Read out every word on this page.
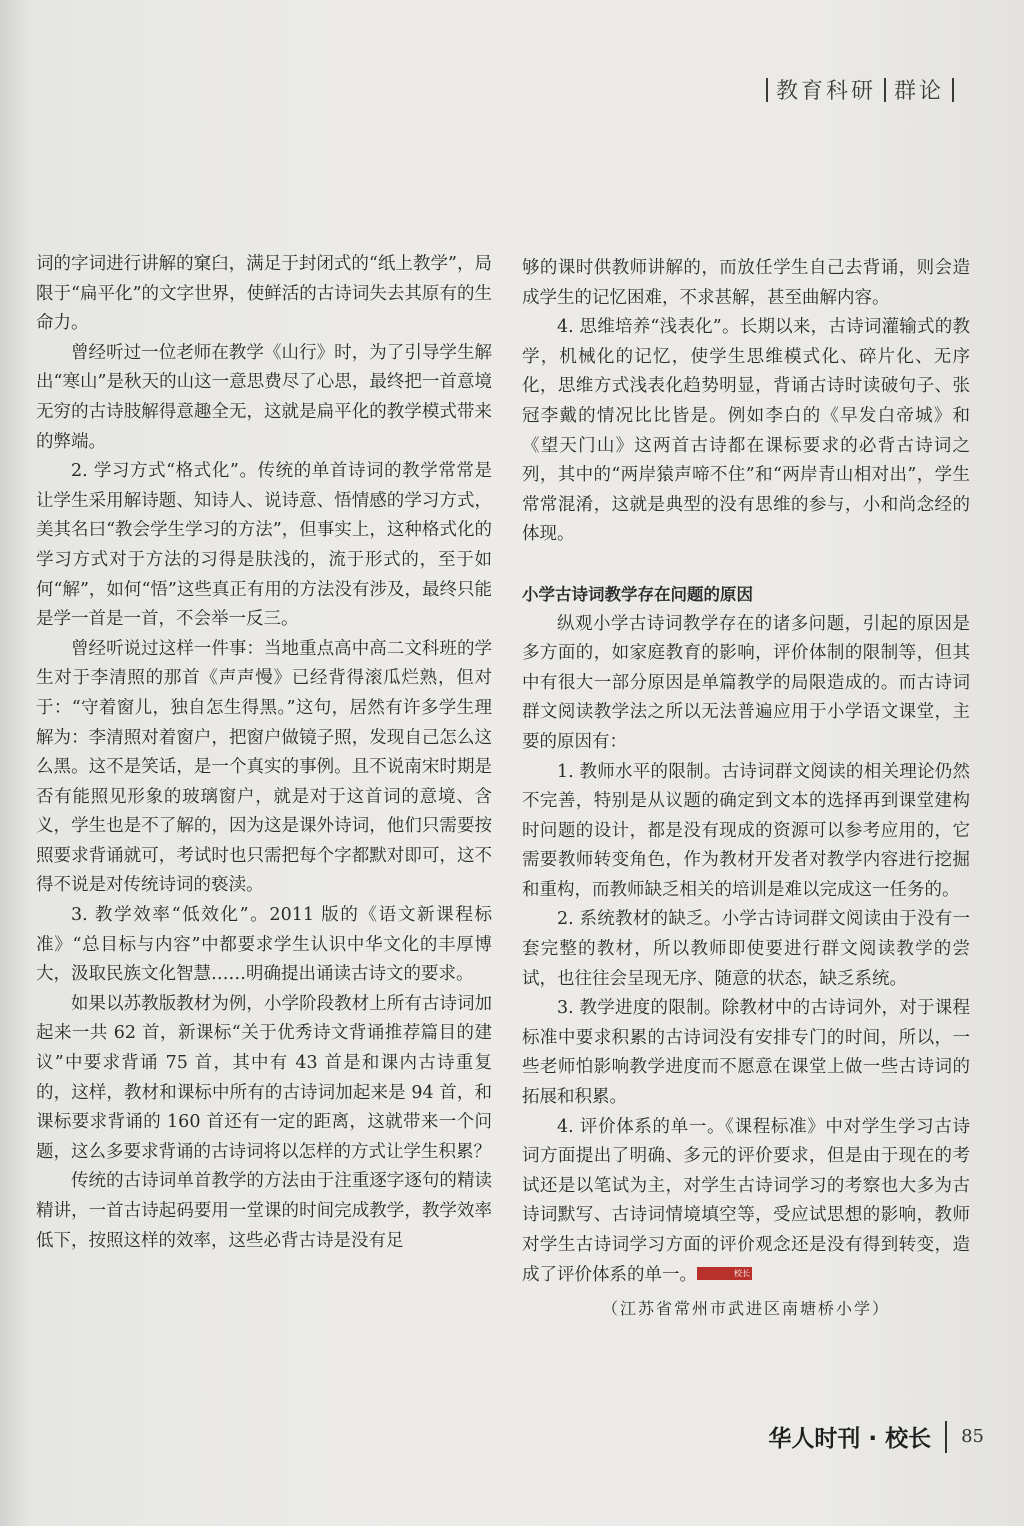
教育科研 群论

词的字词进行讲解的窠臼，满足于封闭式的“纸上教学”，局限于“扁平化”的文字世界，使鲜活的古诗词失去其原有的生命力。

曾经听过一位老师在教学《山行》时，为了引导学生解出“寒山”是秋天的山这一意思费尽了心思，最终把一首意境无穷的古诗肢解得意趣全无，这就是扁平化的教学模式带来的弊端。

2. 学习方式“格式化”。传统的单首诗词的教学常常是让学生采用解诗题、知诗人、说诗意、悟情感的学习方式，美其名曰“教会学生学习的方法”，但事实上，这种格式化的学习方式对于方法的习得是肤浅的，流于形式的，至于如何“解”，如何“悟”这些真正有用的方法没有涉及，最终只能是学一首是一首，不会举一反三。

曾经听说过这样一件事：当地重点高中高二文科班的学生对于李清照的那首《声声慢》已经背得滚瓜烂熟，但对于：“守着窗儿，独自怎生得黑。”这句，居然有许多学生理解为：李清照对着窗户，把窗户做镜子照，发现自己怎么这么黑。这不是笑话，是一个真实的事例。且不说南宋时期是否有能照见形象的玻璃窗户，就是对于这首词的意境、含义，学生也是不了解的，因为这是课外诗词，他们只需要按照要求背诵就可，考试时也只需把每个字都默对即可，这不得不说是对传统诗词的亵渎。

3. 教学效率“低效化”。2011 版的《语文新课程标准》“总目标与内容”中都要求学生认识中华文化的丰厚博大，汲取民族文化智慧……明确提出诵读古诗文的要求。

如果以苏教版教材为例，小学阶段教材上所有古诗词加起来一共 62 首，新课标“关于优秀诗文背诵推荐篇目的建议”中要求背诵 75 首，其中有 43 首是和课内古诗重复的，这样，教材和课标中所有的古诗词加起来是 94 首，和课标要求背诵的 160 首还有一定的距离，这就带来一个问题，这么多要求背诵的古诗词将以怎样的方式让学生积累？

传统的古诗词单首教学的方法由于注重逐字逐句的精读精讲，一首古诗起码要用一堂课的时间完成教学，教学效率低下，按照这样的效率，这些必背古诗是没有足

够的课时供教师讲解的，而放任学生自己去背诵，则会造成学生的记忆困难，不求甚解，甚至曲解内容。

4. 思维培养“浅表化”。长期以来，古诗词灌输式的教学，机械化的记忆，使学生思维模式化、碎片化、无序化，思维方式浅表化趋势明显，背诵古诗时读破句子、张冠李戴的情况比比皆是。例如李白的《早发白帝城》和《望天门山》这两首古诗都在课标要求的必背古诗词之列，其中的“两岸猿声啼不住”和“两岸青山相对出”，学生常常混淆，这就是典型的没有思维的参与，小和尚念经的体现。

小学古诗词教学存在问题的原因

纵观小学古诗词教学存在的诸多问题，引起的原因是多方面的，如家庭教育的影响，评价体制的限制等，但其中有很大一部分原因是单篇教学的局限造成的。而古诗词群文阅读教学法之所以无法普遍应用于小学语文课堂，主要的原因有：

1. 教师水平的限制。古诗词群文阅读的相关理论仍然不完善，特别是从议题的确定到文本的选择再到课堂建构时问题的设计，都是没有现成的资源可以参考应用的，它需要教师转变角色，作为教材开发者对教学内容进行挖掘和重构，而教师缺乏相关的培训是难以完成这一任务的。

2. 系统教材的缺乏。小学古诗词群文阅读由于没有一套完整的教材，所以教师即使要进行群文阅读教学的尝试，也往往会呈现无序、随意的状态，缺乏系统。

3. 教学进度的限制。除教材中的古诗词外，对于课程标准中要求积累的古诗词没有安排专门的时间，所以，一些老师怕影响教学进度而不愿意在课堂上做一些古诗词的拓展和积累。

4. 评价体系的单一。《课程标准》中对学生学习古诗词方面提出了明确、多元的评价要求，但是由于现在的考试还是以笔试为主，对学生古诗词学习的考察也大多为古诗词默写、古诗词情境填空等，受应试思想的影响，教师对学生古诗词学习方面的评价观念还是没有得到转变，造成了评价体系的单一。	校长

（江苏省常州市武进区南塘桥小学）

华人时刊 · 校长 85
